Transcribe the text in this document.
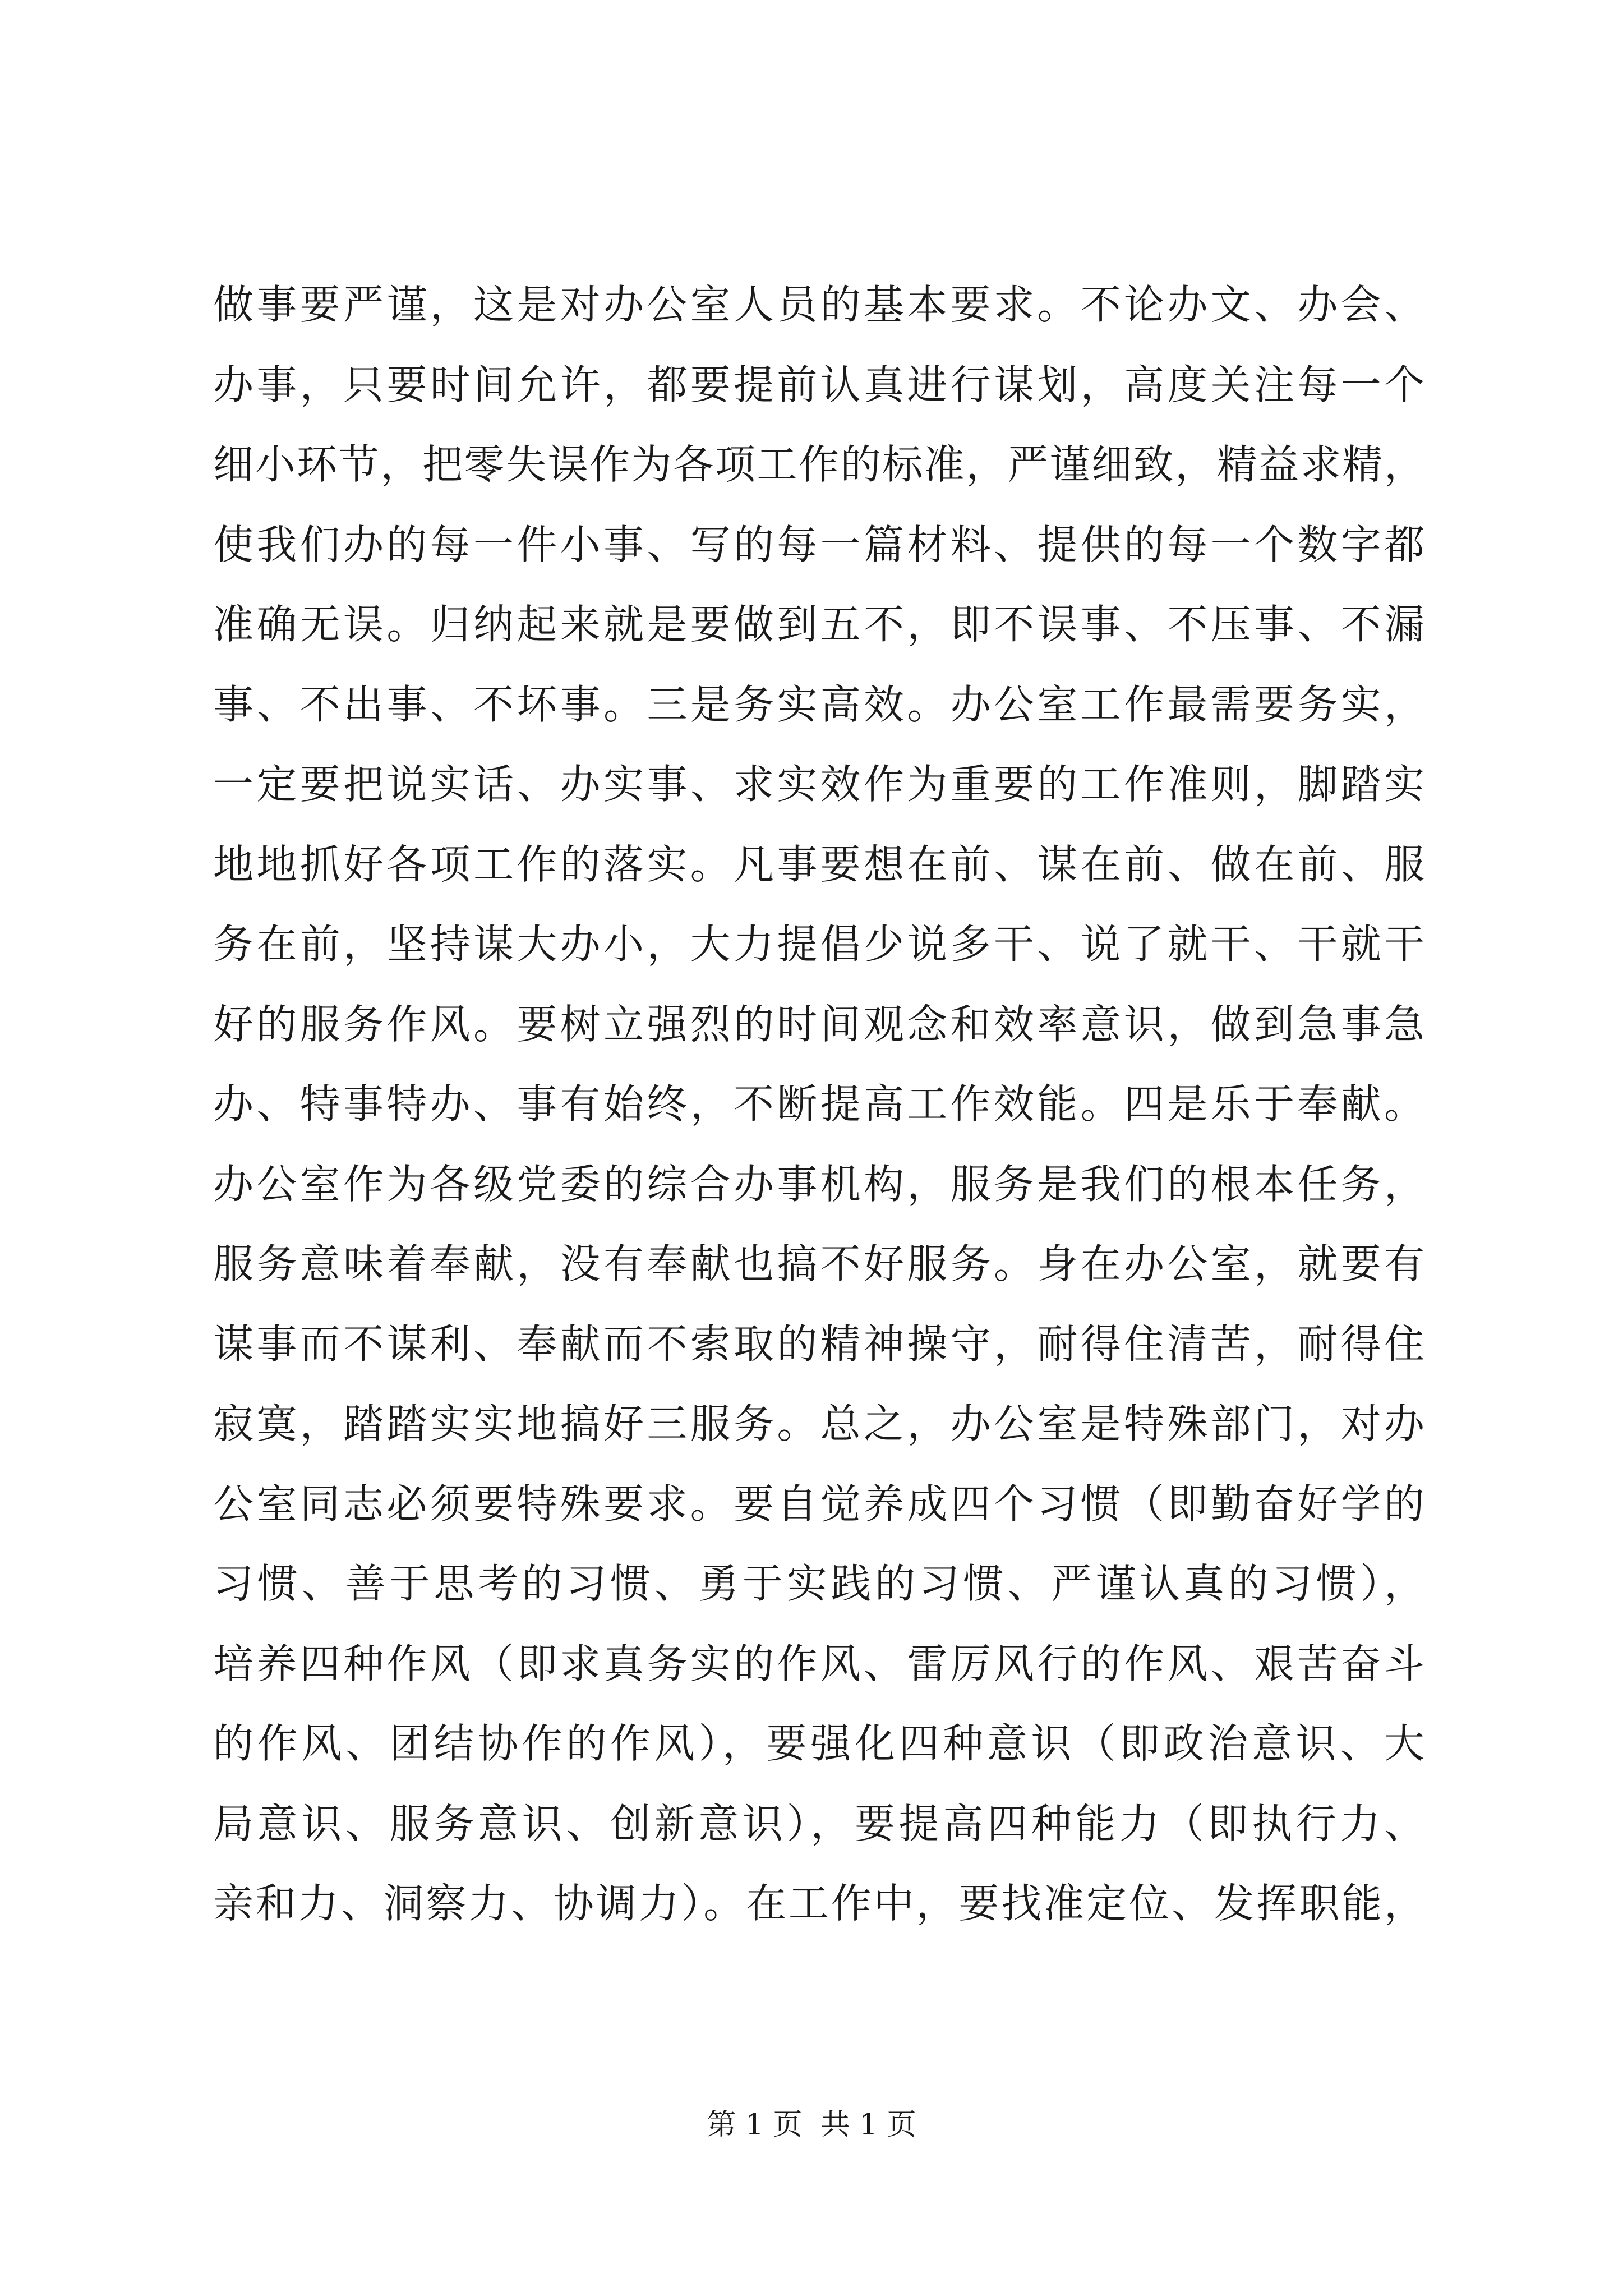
做事要严谨，这是对办公室人员的基本要求。不论办文、办会、
办事，只要时间允许，都要提前认真进行谋划，高度关注每一个
细小环节，把零失误作为各项工作的标准，严谨细致，精益求精，
使我们办的每一件小事、写的每一篇材料、提供的每一个数字都
准确无误。归纳起来就是要做到五不，即不误事、不压事、不漏
事、不出事、不坏事。三是务实高效。办公室工作最需要务实，
一定要把说实话、办实事、求实效作为重要的工作准则，脚踏实
地地抓好各项工作的落实。凡事要想在前、谋在前、做在前、服
务在前，坚持谋大办小，大力提倡少说多干、说了就干、干就干
好的服务作风。要树立强烈的时间观念和效率意识，做到急事急
办、特事特办、事有始终，不断提高工作效能。四是乐于奉献。
办公室作为各级党委的综合办事机构，服务是我们的根本任务，
服务意味着奉献，没有奉献也搞不好服务。身在办公室，就要有
谋事而不谋利、奉献而不索取的精神操守，耐得住清苦，耐得住
寂寞，踏踏实实地搞好三服务。总之，办公室是特殊部门，对办
公室同志必须要特殊要求。要自觉养成四个习惯（即勤奋好学的
习惯、善于思考的习惯、勇于实践的习惯、严谨认真的习惯），
培养四种作风（即求真务实的作风、雷厉风行的作风、艰苦奋斗
的作风、团结协作的作风），要强化四种意识（即政治意识、大
局意识、服务意识、创新意识），要提高四种能力（即执行力、
亲和力、洞察力、协调力）。在工作中，要找准定位、发挥职能，
第 1 页  共 1 页
